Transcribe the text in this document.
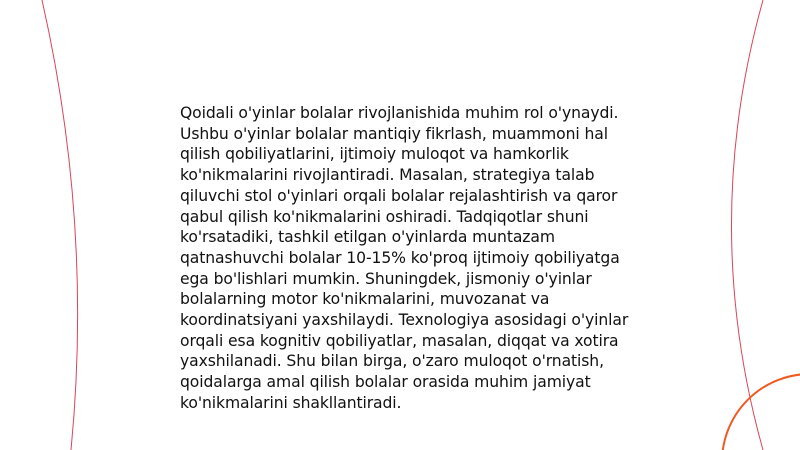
Qoidali o'yinlar bolalar rivojlanishida muhim rol o'ynaydi. Ushbu o'yinlar bolalar mantiqiy fikrlash, muammoni hal qilish qobiliyatlarini, ijtimoiy muloqot va hamkorlik ko'nikmalarini rivojlantiradi. Masalan, strategiya talab qiluvchi stol o'yinlari orqali bolalar rejalashtirish va qaror qabul qilish ko'nikmalarini oshiradi. Tadqiqotlar shuni ko'rsatadiki, tashkil etilgan o'yinlarda muntazam qatnashuvchi bolalar 10-15% ko'proq ijtimoiy qobiliyatga ega bo'lishlari mumkin. Shuningdek, jismoniy o'yinlar bolalarning motor ko'nikmalarini, muvozanat va koordinatsiyani yaxshilaydi. Texnologiya asosidagi o'yinlar orqali esa kognitiv qobiliyatlar, masalan, diqqat va xotira yaxshilanadi. Shu bilan birga, o'zaro muloqot o'rnatish, qoidalarga amal qilish bolalar orasida muhim jamiyat ko'nikmalarini shakllantiradi.
